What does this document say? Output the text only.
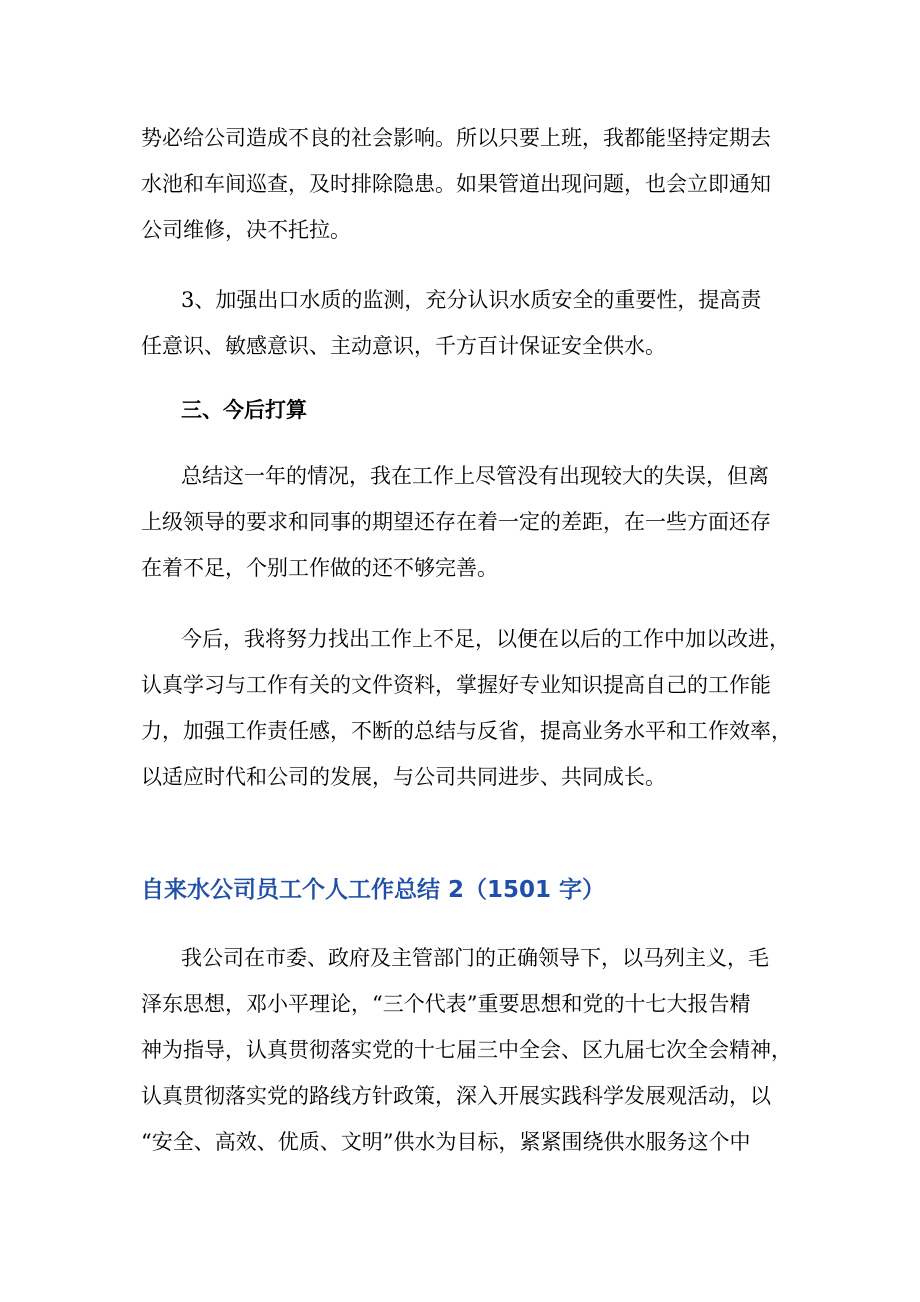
势必给公司造成不良的社会影响。所以只要上班，我都能坚持定期去
水池和车间巡查，及时排除隐患。如果管道出现问题，也会立即通知
公司维修，决不托拉。
3、加强出口水质的监测，充分认识水质安全的重要性，提高责
任意识、敏感意识、主动意识，千方百计保证安全供水。
三、今后打算
总结这一年的情况，我在工作上尽管没有出现较大的失误，但离
上级领导的要求和同事的期望还存在着一定的差距，在一些方面还存
在着不足，个别工作做的还不够完善。
今后，我将努力找出工作上不足，以便在以后的工作中加以改进，
认真学习与工作有关的文件资料，掌握好专业知识提高自己的工作能
力，加强工作责任感，不断的总结与反省，提高业务水平和工作效率，
以适应时代和公司的发展，与公司共同进步、共同成长。
自来水公司员工个人工作总结 2（1501 字）
我公司在市委、政府及主管部门的正确领导下，以马列主义，毛
泽东思想，邓小平理论，“三个代表”重要思想和党的十七大报告精
神为指导，认真贯彻落实党的十七届三中全会、区九届七次全会精神，
认真贯彻落实党的路线方针政策，深入开展实践科学发展观活动，以
“安全、高效、优质、文明”供水为目标，紧紧围绕供水服务这个中
